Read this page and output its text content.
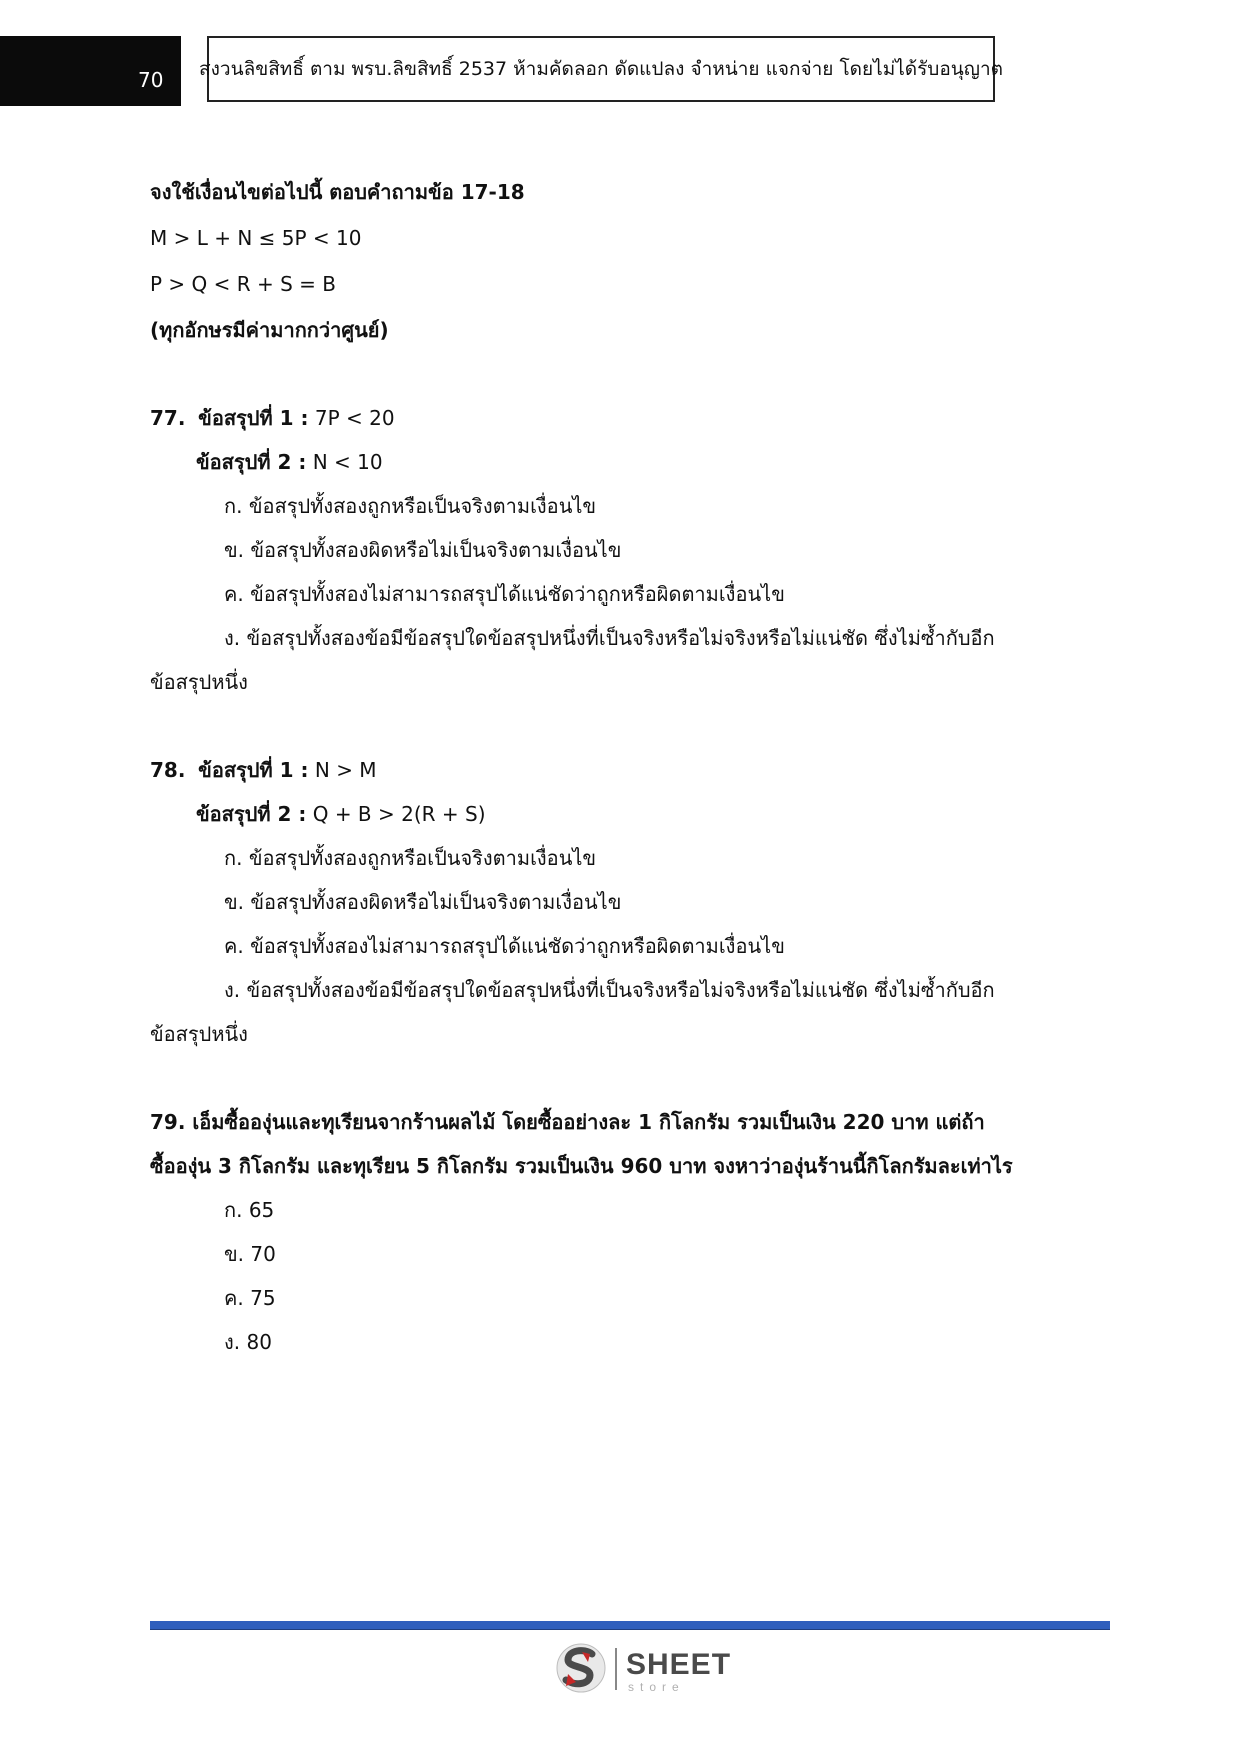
70 สงวนลิขสิทธิ์ ตาม พรบ.ลิขสิทธิ์ 2537 ห้ามคัดลอก ดัดแปลง จำหน่าย แจกจ่าย โดยไม่ได้รับอนุญาต
จงใช้เงื่อนไขต่อไปนี้ ตอบคำถามข้อ 17-18
M > L + N ≤ 5P < 10
P > Q < R + S = B
(ทุกอักษรมีค่ามากกว่าศูนย์)
77. ข้อสรุปที่ 1 : 7P < 20
ข้อสรุปที่ 2 : N < 10
ก. ข้อสรุปทั้งสองถูกหรือเป็นจริงตามเงื่อนไข
ข. ข้อสรุปทั้งสองผิดหรือไม่เป็นจริงตามเงื่อนไข
ค. ข้อสรุปทั้งสองไม่สามารถสรุปได้แน่ชัดว่าถูกหรือผิดตามเงื่อนไข
ง. ข้อสรุปทั้งสองข้อมีข้อสรุปใดข้อสรุปหนึ่งที่เป็นจริงหรือไม่จริงหรือไม่แน่ชัด ซึ่งไม่ซ้ำกับอีก
ข้อสรุปหนึ่ง
78. ข้อสรุปที่ 1 : N > M
ข้อสรุปที่ 2 : Q + B > 2(R + S)
ก. ข้อสรุปทั้งสองถูกหรือเป็นจริงตามเงื่อนไข
ข. ข้อสรุปทั้งสองผิดหรือไม่เป็นจริงตามเงื่อนไข
ค. ข้อสรุปทั้งสองไม่สามารถสรุปได้แน่ชัดว่าถูกหรือผิดตามเงื่อนไข
ง. ข้อสรุปทั้งสองข้อมีข้อสรุปใดข้อสรุปหนึ่งที่เป็นจริงหรือไม่จริงหรือไม่แน่ชัด ซึ่งไม่ซ้ำกับอีก
ข้อสรุปหนึ่ง
79. เอ็มซื้อองุ่นและทุเรียนจากร้านผลไม้ โดยซื้ออย่างละ 1 กิโลกรัม รวมเป็นเงิน 220 บาท แต่ถ้า
ซื้อองุ่น 3 กิโลกรัม และทุเรียน 5 กิโลกรัม รวมเป็นเงิน 960 บาท จงหาว่าองุ่นร้านนี้กิโลกรัมละเท่าไร
ก. 65
ข. 70
ค. 75
ง. 80
SHEET
store
